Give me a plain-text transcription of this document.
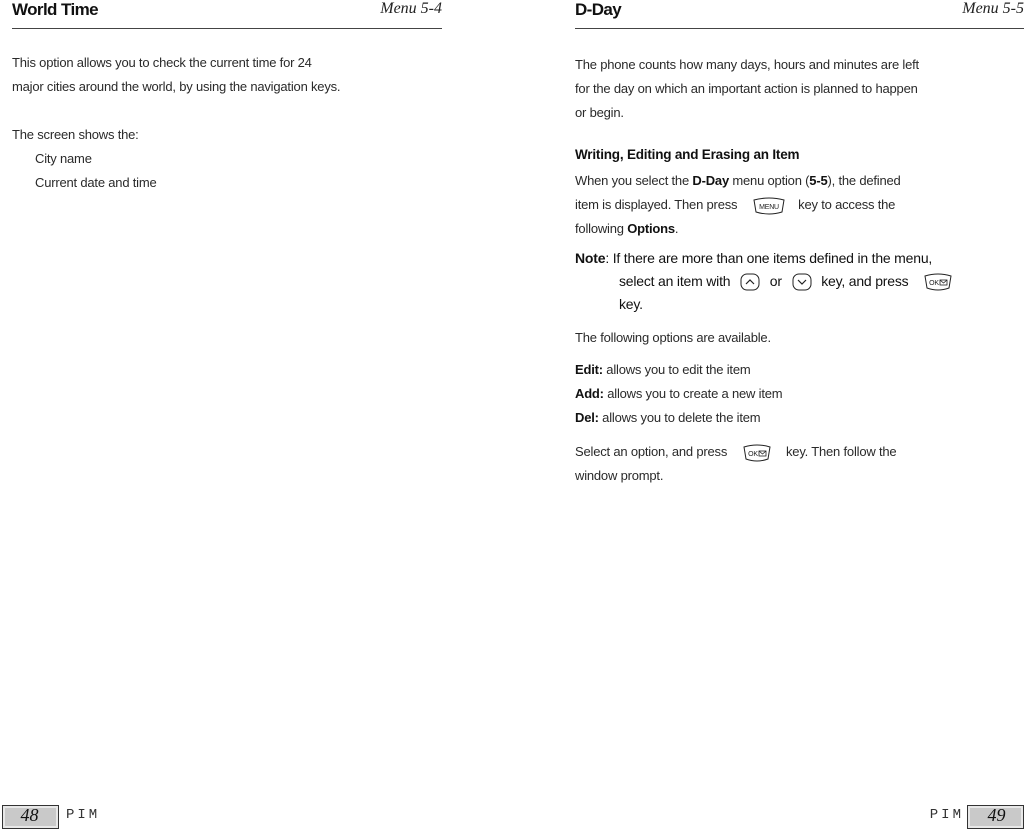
World Time	Menu 5-4

This option allows you to check the current time for 24

major cities around the world, by using the navigation keys.

The screen shows the:

City name

Current date and time

D-Day	Menu 5-5

The phone counts how many days, hours and minutes are left

for the day on which an important action is planned to happen

or begin.

Writing, Editing and Erasing an Item

When you select the D-Day menu option (5-5), the defined

item is displayed. Then press	MENU key to access the

following Options.

Note: If there are more than one items defined in the menu,
select an item with	or	key, and press	OK
key.

The following options are available.

Edit: allows you to edit the item

Add: allows you to create a new item

Del: allows you to delete the item

Select an option, and press	OK key. Then follow the

window prompt.

48	PIM	PIM	49
